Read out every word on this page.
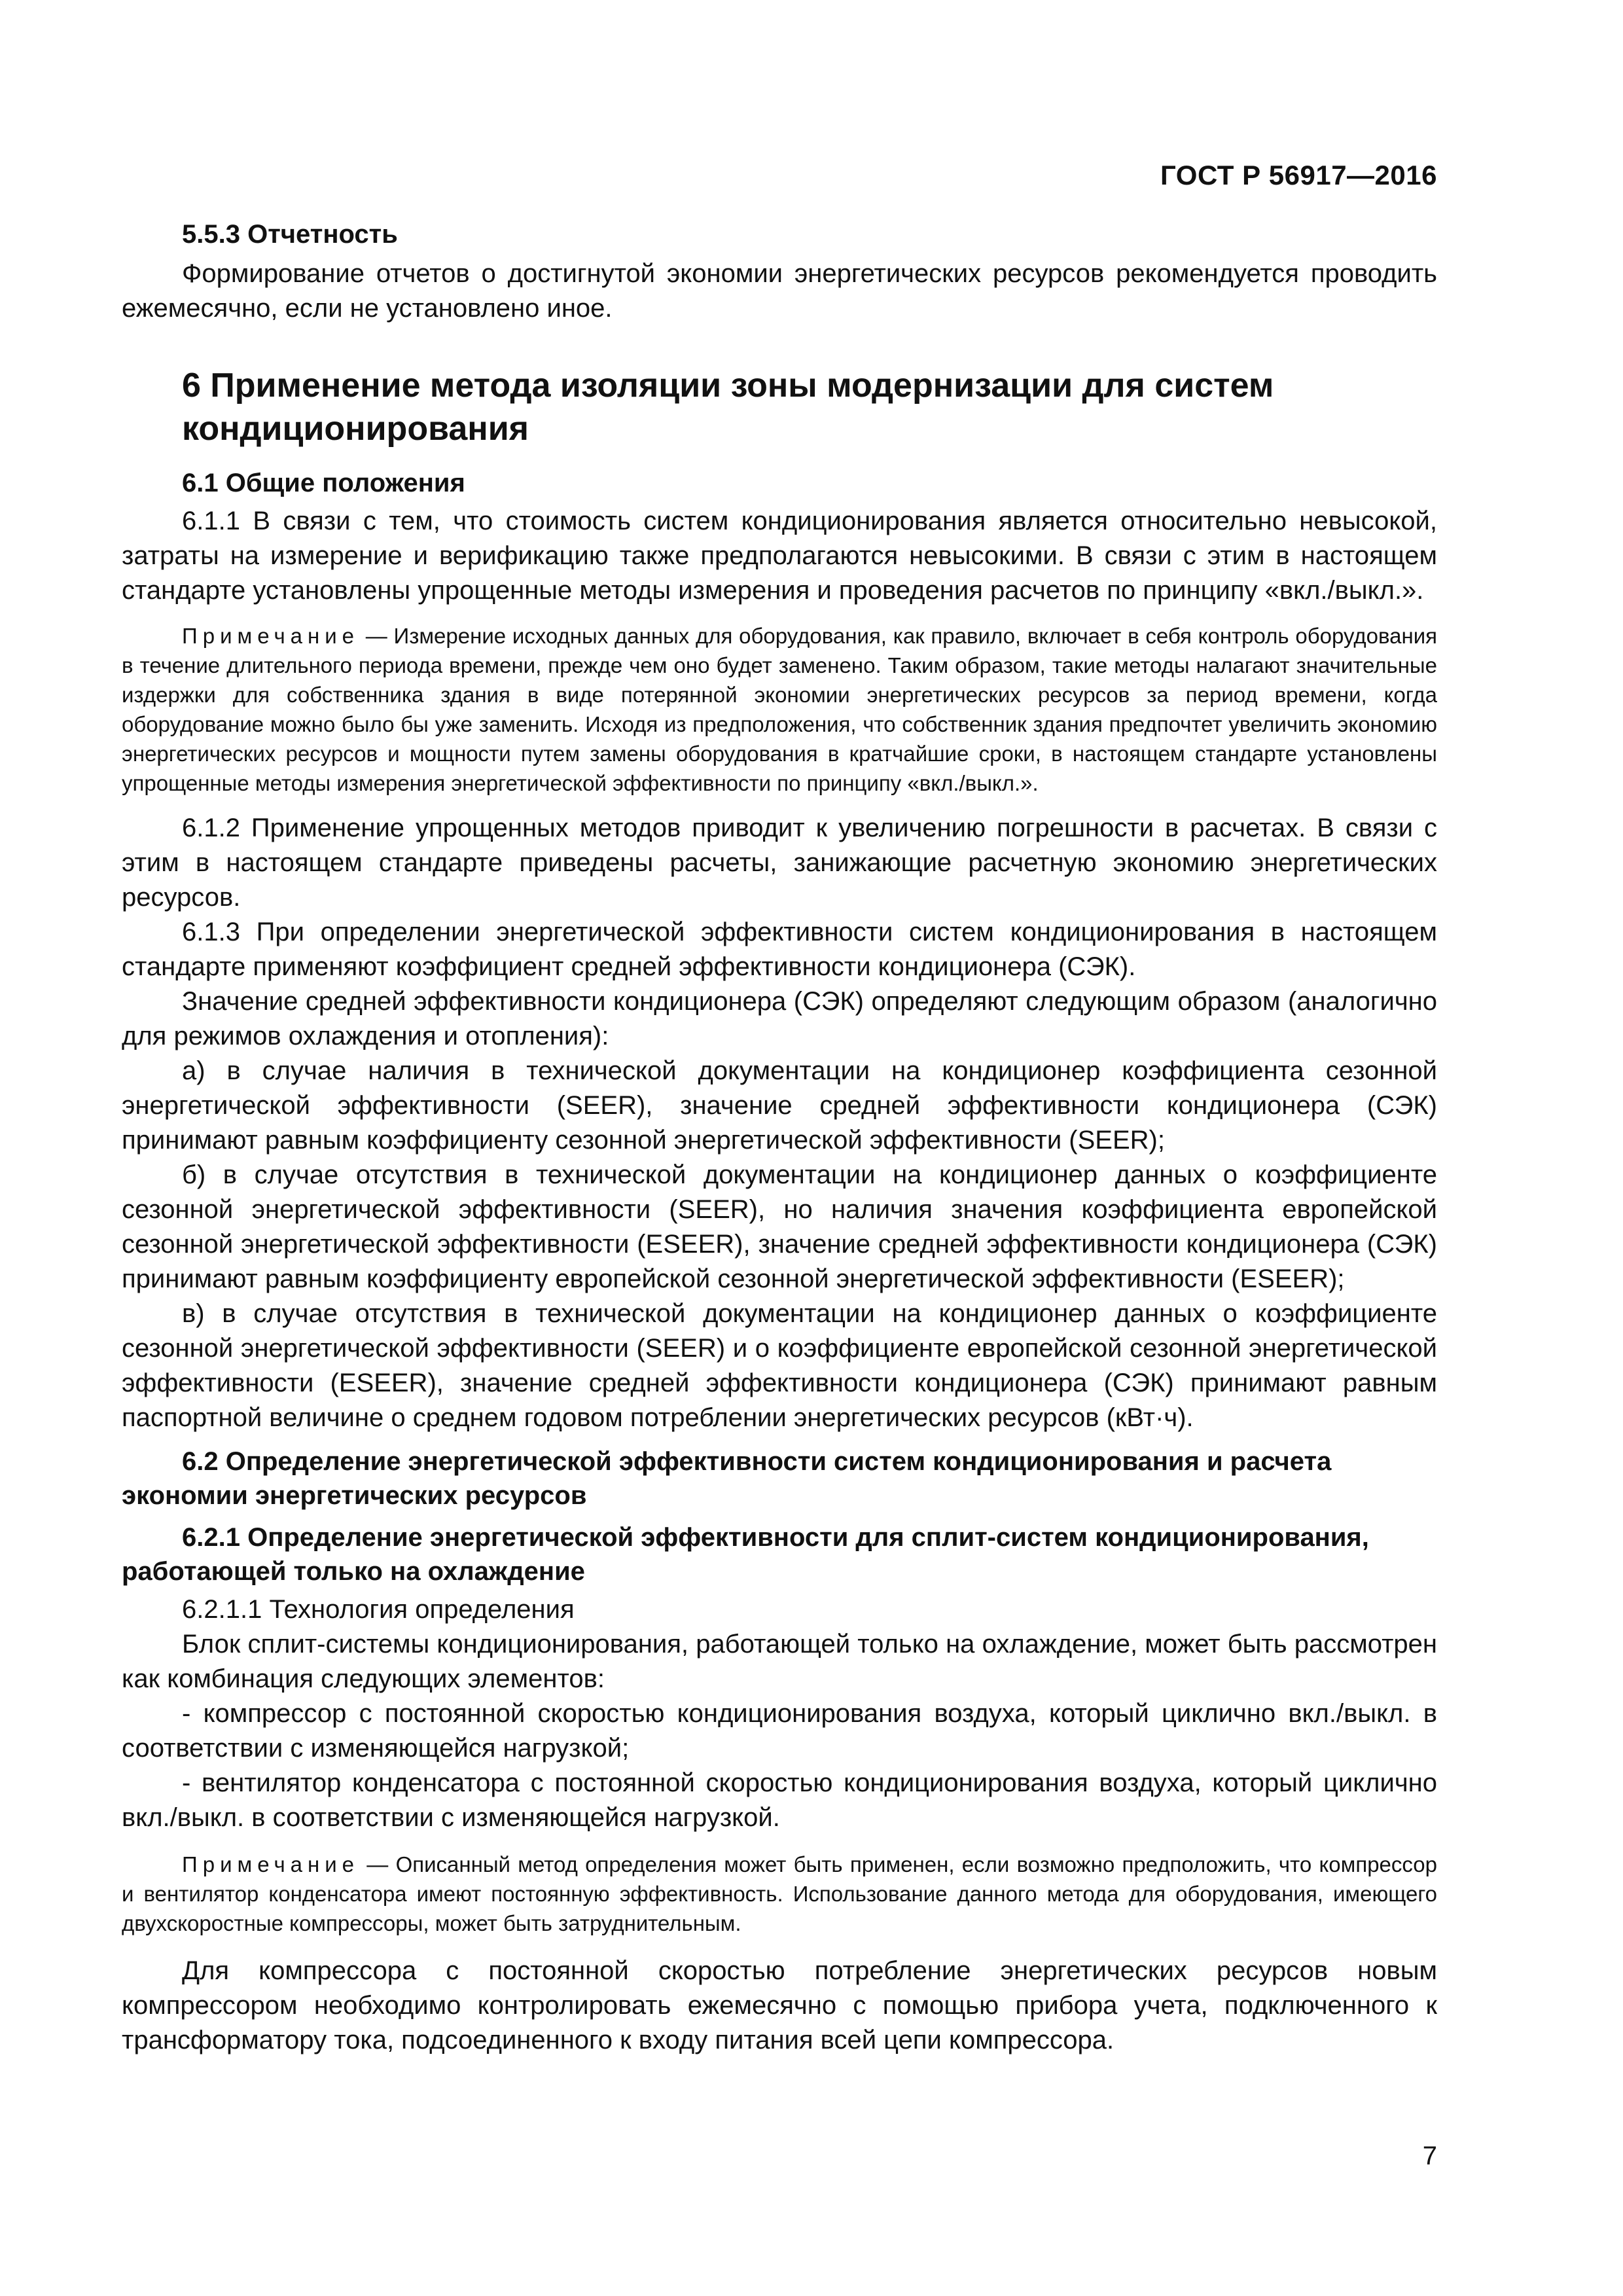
ГОСТ Р 56917—2016

5.5.3 Отчетность

Формирование отчетов о достигнутой экономии энергетических ресурсов рекомендуется проводить ежемесячно, если не установлено иное.

6 Применение метода изоляции зоны модернизации для систем

кондиционирования

6.1 Общие положения

6.1.1 В связи с тем, что стоимость систем кондиционирования является относительно невысокой, затраты на измерение и верификацию также предполагаются невысокими. В связи с этим в настоящем стандарте установлены упрощенные методы измерения и проведения расчетов по принципу «вкл./выкл.».

Примечание — Измерение исходных данных для оборудования, как правило, включает в себя контроль оборудования в течение длительного периода времени, прежде чем оно будет заменено. Таким образом, такие методы налагают значительные издержки для собственника здания в виде потерянной экономии энергетических ресурсов за период времени, когда оборудование можно было бы уже заменить. Исходя из предположения, что собственник здания предпочтет увеличить экономию энергетических ресурсов и мощности путем замены оборудования в кратчайшие сроки, в настоящем стандарте установлены упрощенные методы измерения энергетической эффективности по принципу «вкл./выкл.».

6.1.2 Применение упрощенных методов приводит к увеличению погрешности в расчетах. В связи с этим в настоящем стандарте приведены расчеты, занижающие расчетную экономию энергетических ресурсов.

6.1.3 При определении энергетической эффективности систем кондиционирования в настоящем стандарте применяют коэффициент средней эффективности кондиционера (СЭК).

Значение средней эффективности кондиционера (СЭК) определяют следующим образом (аналогично для режимов охлаждения и отопления):

а) в случае наличия в технической документации на кондиционер коэффициента сезонной энергетической эффективности (SEER), значение средней эффективности кондиционера (СЭК) принимают равным коэффициенту сезонной энергетической эффективности (SEER);

б) в случае отсутствия в технической документации на кондиционер данных о коэффициенте сезонной энергетической эффективности (SEER), но наличия значения коэффициента европейской сезонной энергетической эффективности (ESEER), значение средней эффективности кондиционера (СЭК) принимают равным коэффициенту европейской сезонной энергетической эффективности (ESEER);

в) в случае отсутствия в технической документации на кондиционер данных о коэффициенте сезонной энергетической эффективности (SEER) и о коэффициенте европейской сезонной энергетической эффективности (ESEER), значение средней эффективности кондиционера (СЭК) принимают равным паспортной величине о среднем годовом потреблении энергетических ресурсов (кВт·ч).

6.2 Определение энергетической эффективности систем кондиционирования и расчета

экономии энергетических ресурсов

6.2.1 Определение энергетической эффективности для сплит-систем кондиционирования,

работающей только на охлаждение

6.2.1.1 Технология определения

Блок сплит-системы кондиционирования, работающей только на охлаждение, может быть рассмотрен как комбинация следующих элементов:

- компрессор с постоянной скоростью кондиционирования воздуха, который циклично вкл./выкл. в соответствии с изменяющейся нагрузкой;

- вентилятор конденсатора с постоянной скоростью кондиционирования воздуха, который циклично вкл./выкл. в соответствии с изменяющейся нагрузкой.

Примечание — Описанный метод определения может быть применен, если возможно предположить, что компрессор и вентилятор конденсатора имеют постоянную эффективность. Использование данного метода для оборудования, имеющего двухскоростные компрессоры, может быть затруднительным.

Для компрессора с постоянной скоростью потребление энергетических ресурсов новым компрессором необходимо контролировать ежемесячно с помощью прибора учета, подключенного к трансформатору тока, подсоединенного к входу питания всей цепи компрессора.

7
